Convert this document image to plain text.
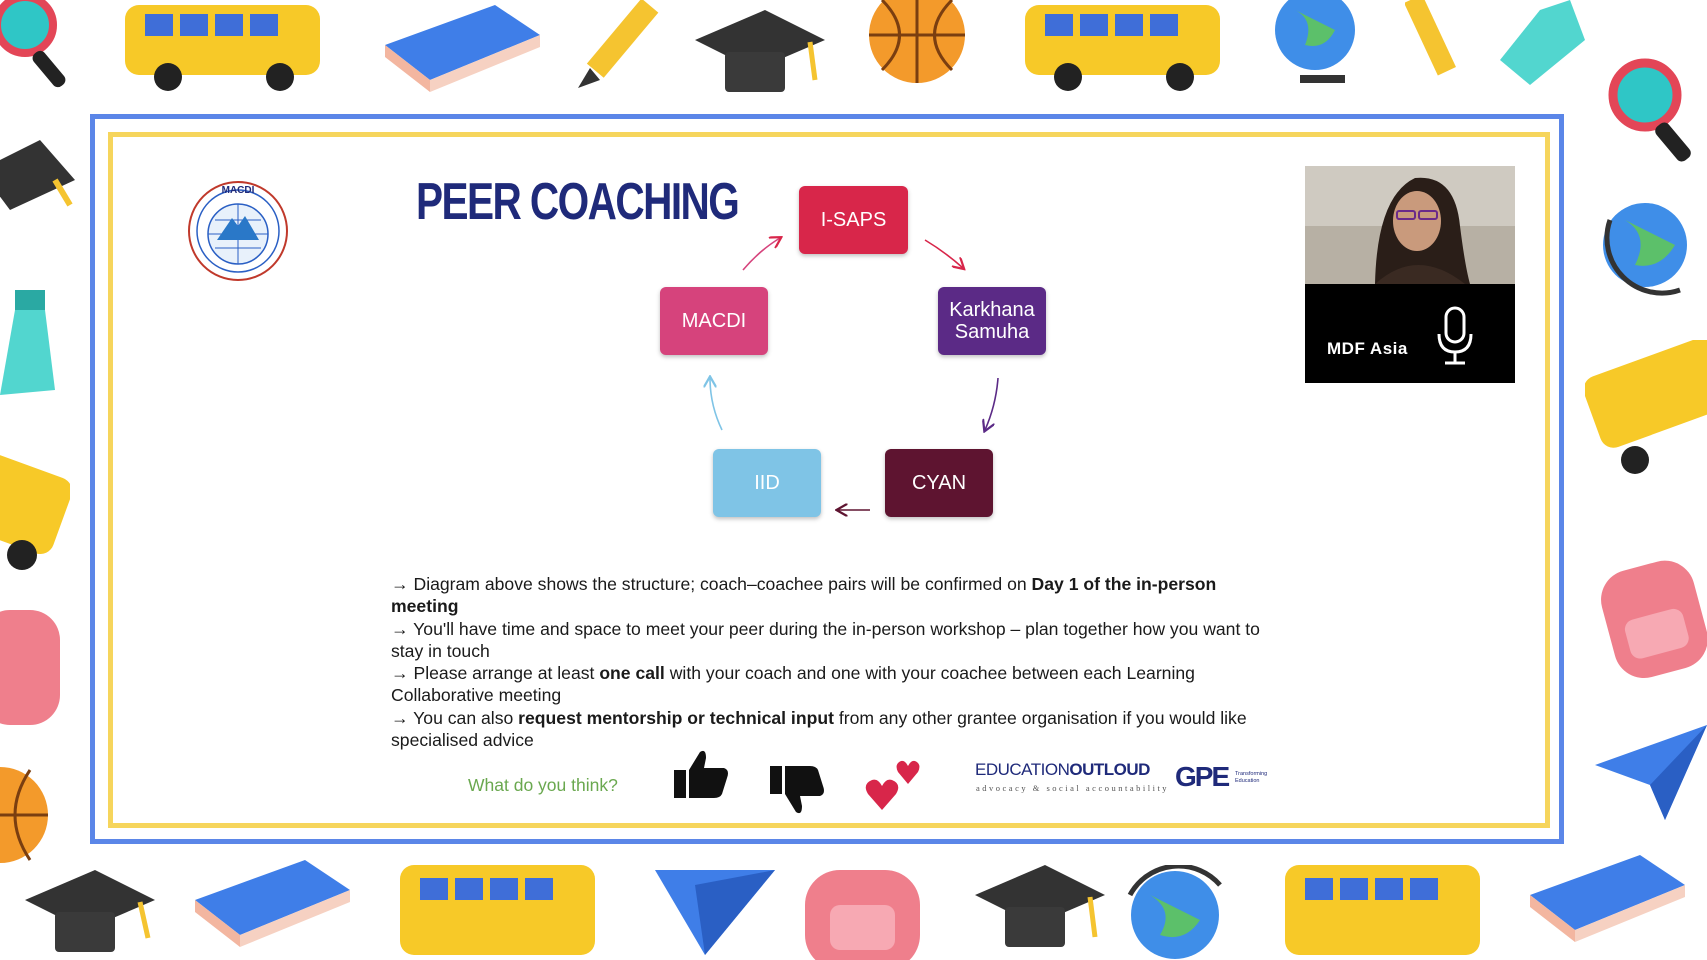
MACDI	PEER COACHING	I-SAPS
Karkhana
Samuha
CYAN
IID
MACDI
→ Diagram above shows the structure; coach–coachee pairs will be confirmed on Day 1 of the in-person meeting
→ You'll have time and space to meet your peer during the in-person workshop – plan together how you want to stay in touch
→ Please arrange at least one call with your coach and one with your coachee between each Learning Collaborative meeting
→ You can also request mentorship or technical input from any other grantee organisation if you would like specialised advice
What do you think?
EDUCATIONOUTLOUD
advocacy & social accountability GPE Transforming Education
MDF Asia
